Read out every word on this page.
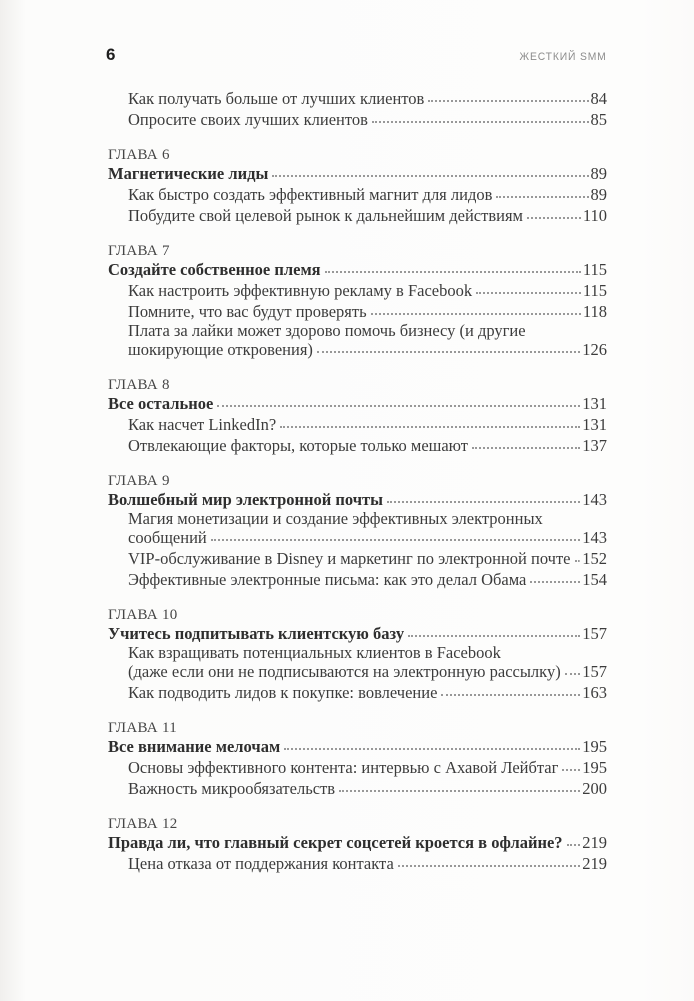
6	ЖЕСТКИЙ SMM
Как получать больше от лучших клиентов	84
Опросите своих лучших клиентов	85
ГЛАВА 6
Магнетические лиды	89
Как быстро создать эффективный магнит для лидов	89
Побудите свой целевой рынок к дальнейшим действиям	110
ГЛАВА 7
Создайте собственное племя	115
Как настроить эффективную рекламу в Facebook	115
Помните, что вас будут проверять	118
Плата за лайки может здорово помочь бизнесу (и другие
шокирующие откровения)	126
ГЛАВА 8
Все остальное	131
Как насчет LinkedIn?	131
Отвлекающие факторы, которые только мешают	137
ГЛАВА 9
Волшебный мир электронной почты	143
Магия монетизации и создание эффективных электронных
сообщений	143
VIP-обслуживание в Disney и маркетинг по электронной почте 152
Эффективные электронные письма: как это делал Обама	154
ГЛАВА 10
Учитесь подпитывать клиентскую базу	157
Как взращивать потенциальных клиентов в Facebook
(даже если они не подписываются на электронную рассылку) 157
Как подводить лидов к покупке: вовлечение	163
ГЛАВА 11
Все внимание мелочам	195
Основы эффективного контента: интервью с Ахавой Лейбтаг 195
Важность микрообязательств	200
ГЛАВА 12
Правда ли, что главный секрет соцсетей кроется в офлайне? 219
Цена отказа от поддержания контакта	219
